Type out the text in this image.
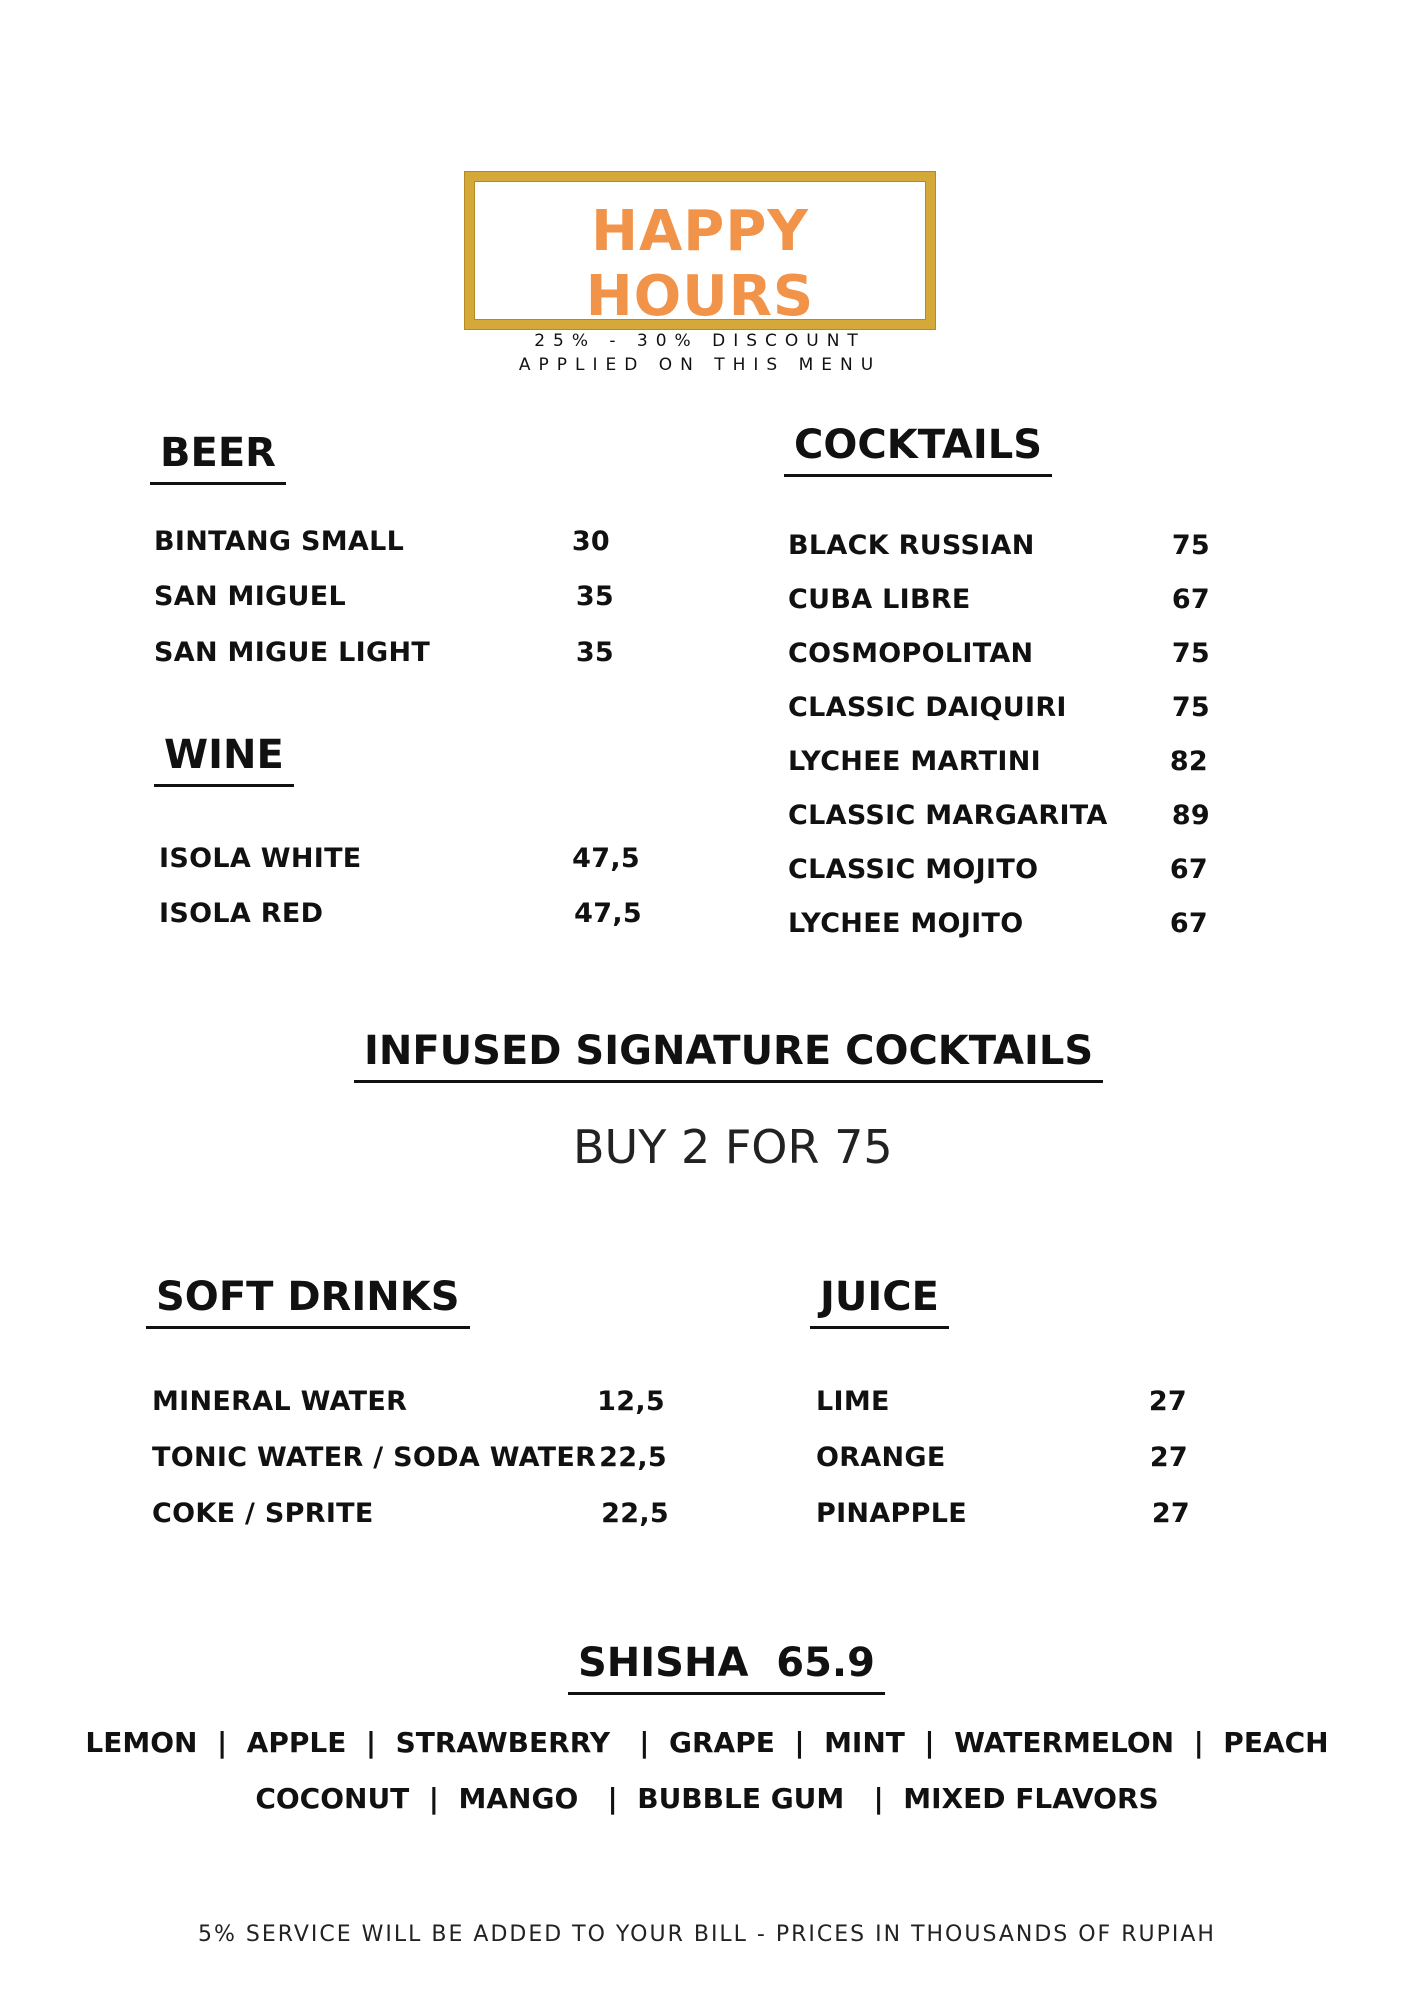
HAPPY HOURS
25% - 30% DISCOUNT
APPLIED ON THIS MENU
BEER
BINTANG SMALL	30
SAN MIGUEL	35
SAN MIGUE LIGHT	35
WINE
ISOLA WHITE	47,5
ISOLA RED	47,5
COCKTAILS
BLACK RUSSIAN	75
CUBA LIBRE	67
COSMOPOLITAN	75
CLASSIC DAIQUIRI	75
LYCHEE MARTINI	82
CLASSIC MARGARITA	89
CLASSIC MOJITO	67
LYCHEE MOJITO	67
INFUSED SIGNATURE COCKTAILS
BUY 2 FOR 75
SOFT DRINKS
MINERAL WATER	12,5
TONIC WATER / SODA WATER 22,5
COKE / SPRITE	22,5
JUICE
LIME	27
ORANGE	27
PINAPPLE	27
SHISHA  65.9
LEMON  |  APPLE  |  STRAWBERRY   |  GRAPE  |  MINT  |  WATERMELON  |  PEACH
COCONUT  |  MANGO   |  BUBBLE GUM   |  MIXED FLAVORS
5% SERVICE WILL BE ADDED TO YOUR BILL - PRICES IN THOUSANDS OF RUPIAH
